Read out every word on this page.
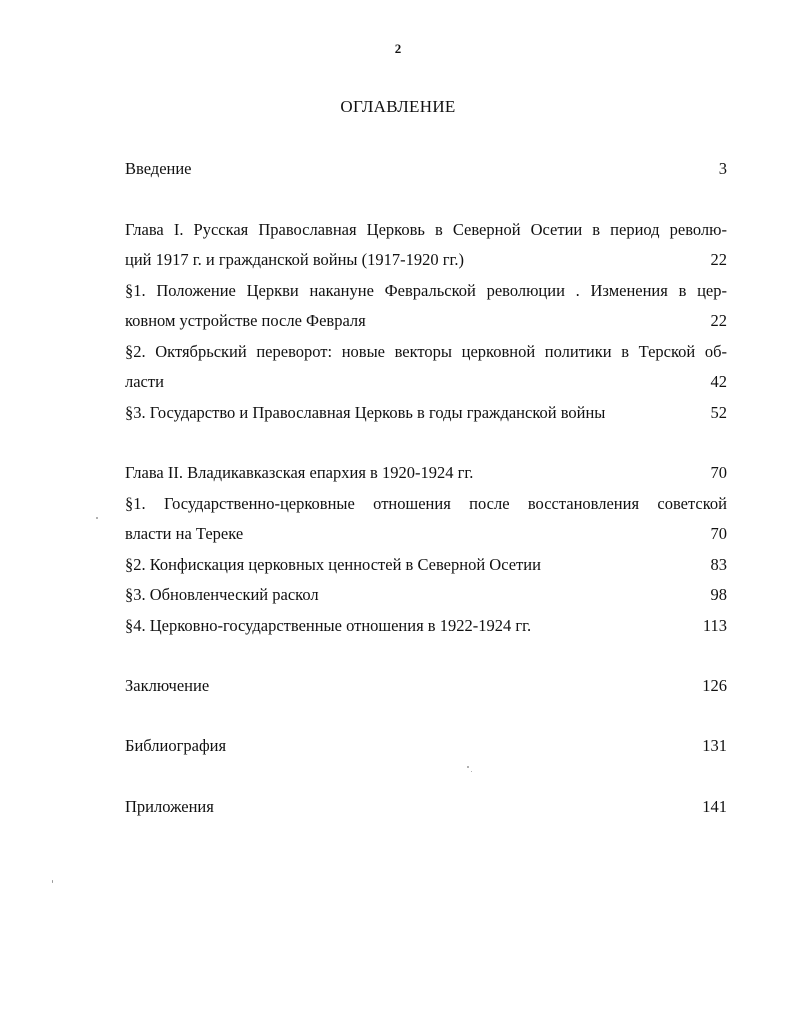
2
ОГЛАВЛЕНИЕ
Введение	3
Глава I. Русская Православная Церковь в Северной Осетии в период револю-
ций 1917 г. и гражданской войны (1917-1920 гг.)	22
§1. Положение Церкви накануне Февральской революции . Изменения в цер-
ковном устройстве после Февраля	22
§2. Октябрьский переворот: новые векторы церковной политики в Терской об-
ласти	42
§3. Государство и Православная Церковь в годы гражданской войны	52
Глава II. Владикавказская епархия в 1920-1924 гг.	70
§1. Государственно-церковные отношения после восстановления советской
власти на Тереке	70
§2. Конфискация церковных ценностей в Северной Осетии	83
§3. Обновленческий раскол	98
§4. Церковно-государственные отношения в 1922-1924 гг.	113
Заключение	126
Библиография	131
Приложения	141
